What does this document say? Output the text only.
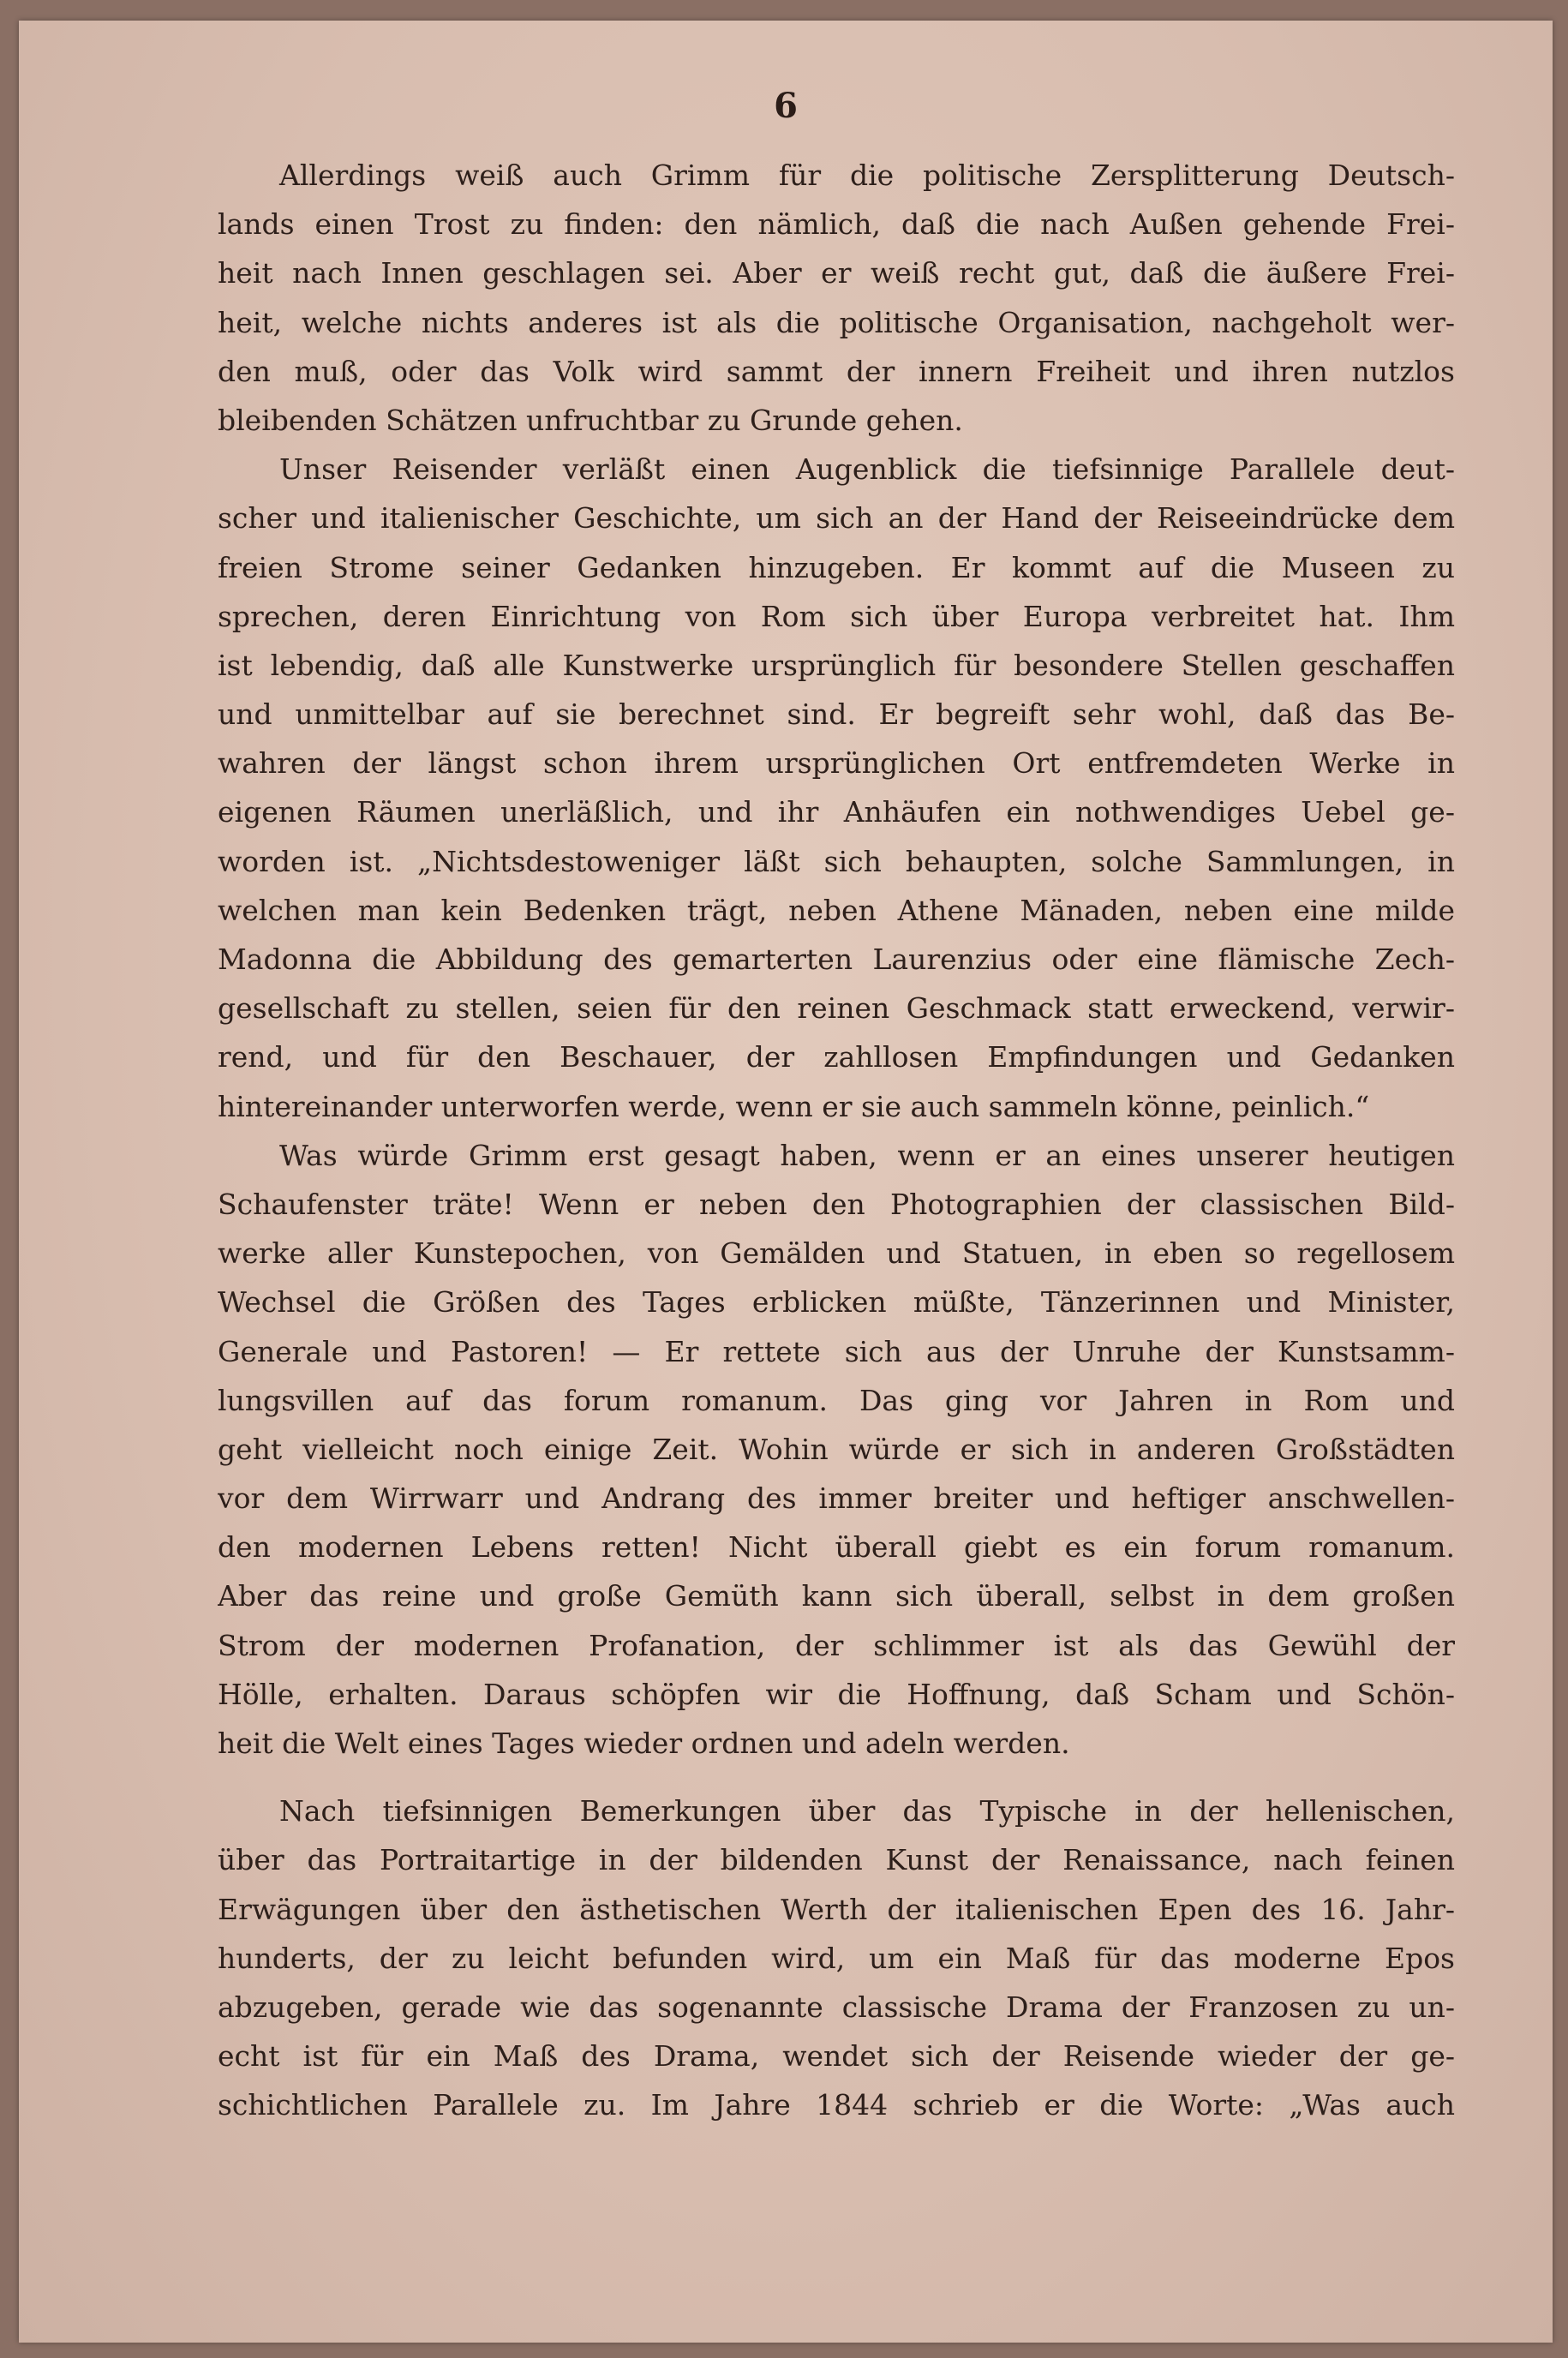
6
Allerdings weiß auch Grimm für die politische Zersplitterung Deutsch-
lands einen Trost zu finden: den nämlich, daß die nach Außen gehende Frei-
heit nach Innen geschlagen sei. Aber er weiß recht gut, daß die äußere Frei-
heit, welche nichts anderes ist als die politische Organisation, nachgeholt wer-
den muß, oder das Volk wird sammt der innern Freiheit und ihren nutzlos
bleibenden Schätzen unfruchtbar zu Grunde gehen.
Unser Reisender verläßt einen Augenblick die tiefsinnige Parallele deut-
scher und italienischer Geschichte, um sich an der Hand der Reiseeindrücke dem
freien Strome seiner Gedanken hinzugeben. Er kommt auf die Museen zu
sprechen, deren Einrichtung von Rom sich über Europa verbreitet hat. Ihm
ist lebendig, daß alle Kunstwerke ursprünglich für besondere Stellen geschaffen
und unmittelbar auf sie berechnet sind. Er begreift sehr wohl, daß das Be-
wahren der längst schon ihrem ursprünglichen Ort entfremdeten Werke in
eigenen Räumen unerläßlich, und ihr Anhäufen ein nothwendiges Uebel ge-
worden ist. „Nichtsdestoweniger läßt sich behaupten, solche Sammlungen, in
welchen man kein Bedenken trägt, neben Athene Mänaden, neben eine milde
Madonna die Abbildung des gemarterten Laurenzius oder eine flämische Zech-
gesellschaft zu stellen, seien für den reinen Geschmack statt erweckend, verwir-
rend, und für den Beschauer, der zahllosen Empfindungen und Gedanken
hintereinander unterworfen werde, wenn er sie auch sammeln könne, peinlich.“
Was würde Grimm erst gesagt haben, wenn er an eines unserer heutigen
Schaufenster träte! Wenn er neben den Photographien der classischen Bild-
werke aller Kunstepochen, von Gemälden und Statuen, in eben so regellosem
Wechsel die Größen des Tages erblicken müßte, Tänzerinnen und Minister,
Generale und Pastoren! — Er rettete sich aus der Unruhe der Kunstsamm-
lungsvillen auf das forum romanum. Das ging vor Jahren in Rom und
geht vielleicht noch einige Zeit. Wohin würde er sich in anderen Großstädten
vor dem Wirrwarr und Andrang des immer breiter und heftiger anschwellen-
den modernen Lebens retten! Nicht überall giebt es ein forum romanum.
Aber das reine und große Gemüth kann sich überall, selbst in dem großen
Strom der modernen Profanation, der schlimmer ist als das Gewühl der
Hölle, erhalten. Daraus schöpfen wir die Hoffnung, daß Scham und Schön-
heit die Welt eines Tages wieder ordnen und adeln werden.
Nach tiefsinnigen Bemerkungen über das Typische in der hellenischen,
über das Portraitartige in der bildenden Kunst der Renaissance, nach feinen
Erwägungen über den ästhetischen Werth der italienischen Epen des 16. Jahr-
hunderts, der zu leicht befunden wird, um ein Maß für das moderne Epos
abzugeben, gerade wie das sogenannte classische Drama der Franzosen zu un-
echt ist für ein Maß des Drama, wendet sich der Reisende wieder der ge-
schichtlichen Parallele zu. Im Jahre 1844 schrieb er die Worte: „Was auch
